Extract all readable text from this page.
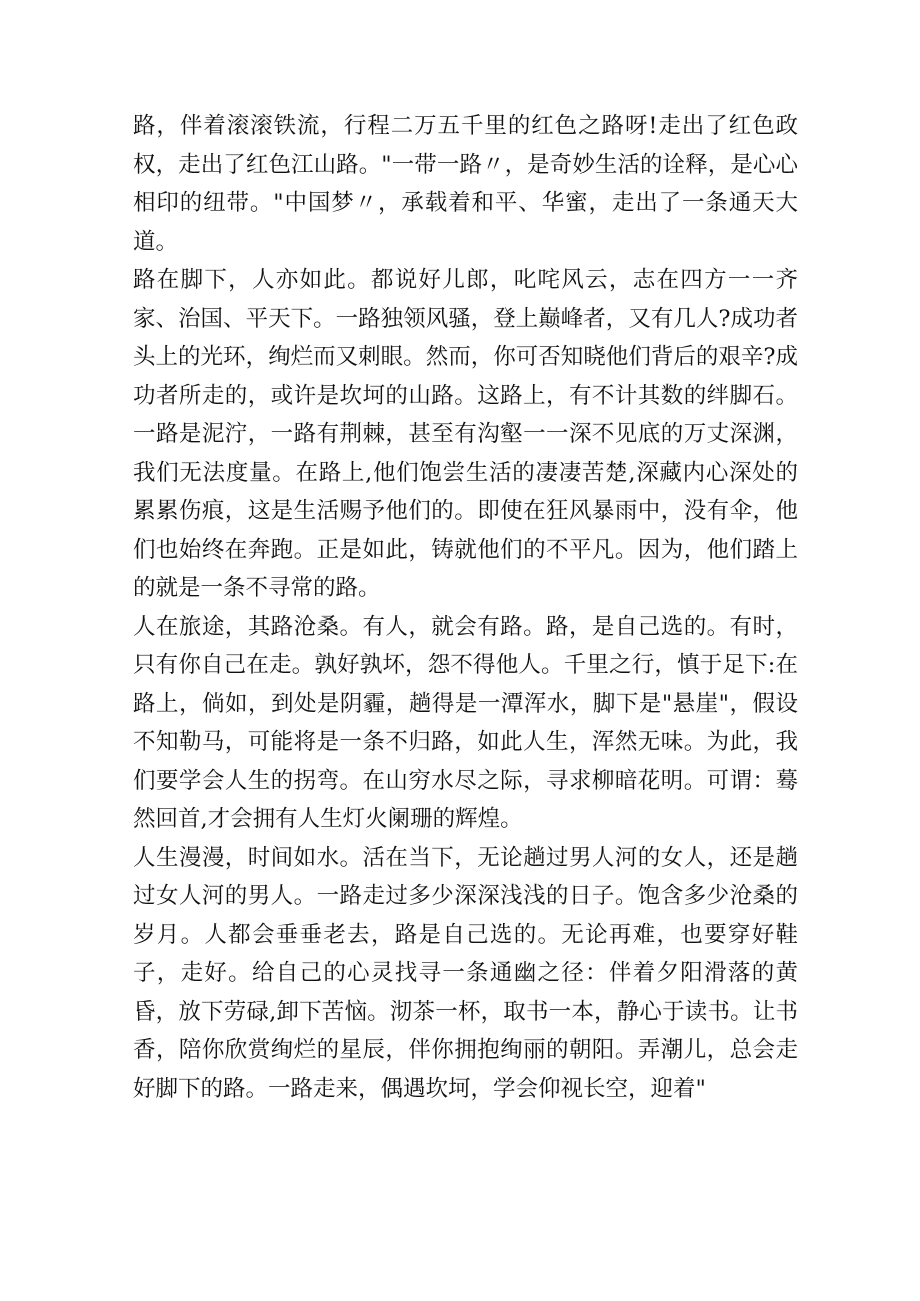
路，伴着滚滚铁流，行程二万五千里的红色之路呀!走出了红色政权，走出了红色江山路。"一带一路〃，是奇妙生活的诠释，是心心相印的纽带。"中国梦〃，承载着和平、华蜜，走出了一条通天大道。

路在脚下，人亦如此。都说好儿郎，叱咤风云，志在四方一一齐家、治国、平天下。一路独领风骚，登上巅峰者，又有几人?成功者头上的光环，绚烂而又刺眼。然而，你可否知晓他们背后的艰辛?成功者所走的，或许是坎坷的山路。这路上，有不计其数的绊脚石。一路是泥泞，一路有荆棘，甚至有沟壑一一深不见底的万丈深渊，我们无法度量。在路上,他们饱尝生活的凄凄苦楚,深藏内心深处的累累伤痕，这是生活赐予他们的。即使在狂风暴雨中，没有伞，他们也始终在奔跑。正是如此，铸就他们的不平凡。因为，他们踏上的就是一条不寻常的路。

人在旅途，其路沧桑。有人，就会有路。路，是自己选的。有时，只有你自己在走。孰好孰坏，怨不得他人。千里之行，慎于足下:在路上，倘如，到处是阴霾，趟得是一潭浑水，脚下是"悬崖"，假设不知勒马，可能将是一条不归路，如此人生，浑然无味。为此，我们要学会人生的拐弯。在山穷水尽之际，寻求柳暗花明。可谓：蓦然回首,才会拥有人生灯火阑珊的辉煌。

人生漫漫，时间如水。活在当下，无论趟过男人河的女人，还是趟过女人河的男人。一路走过多少深深浅浅的日子。饱含多少沧桑的岁月。人都会垂垂老去，路是自己选的。无论再难，也要穿好鞋子，走好。给自己的心灵找寻一条通幽之径：伴着夕阳滑落的黄昏，放下劳碌,卸下苦恼。沏茶一杯，取书一本，静心于读书。让书香，陪你欣赏绚烂的星辰，伴你拥抱绚丽的朝阳。弄潮儿，总会走好脚下的路。一路走来，偶遇坎坷，学会仰视长空，迎着"
